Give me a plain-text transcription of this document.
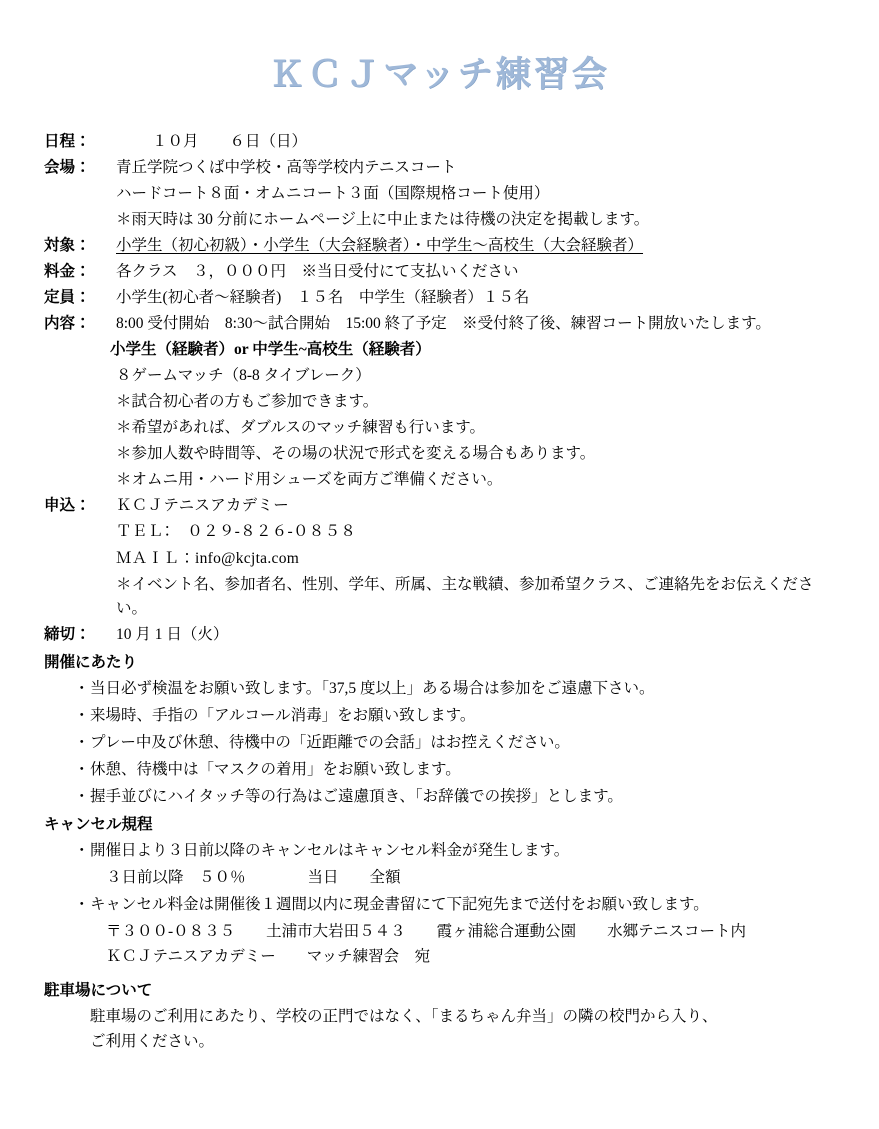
ＫＣＪマッチ練習会
日程：	１０月　　６日（日）
会場：	青丘学院つくば中学校・高等学校内テニスコート
ハードコート８面・オムニコート３面（国際規格コート使用）
＊雨天時は 30 分前にホームページ上に中止または待機の決定を掲載します。
対象：	小学生（初心初級）・小学生（大会経験者）・中学生～高校生（大会経験者）
料金：	各クラス　３，０００円　※当日受付にて支払いください
定員：	小学生(初心者～経験者)　１５名　中学生（経験者）１５名
内容：	8:00 受付開始　8:30～試合開始　15:00 終了予定　※受付終了後、練習コート開放いたします。
小学生（経験者）or 中学生~高校生（経験者）
８ゲームマッチ（8-8 タイブレーク）
＊試合初心者の方もご参加できます。
＊希望があれば、ダブルスのマッチ練習も行います。
＊参加人数や時間等、その場の状況で形式を変える場合もあります。
＊オムニ用・ハード用シューズを両方ご準備ください。
申込：	ＫＣＪテニスアカデミー
ＴＥＬ：　０２９‐８２６‐０８５８
ＭＡＩＬ：info@kcjta.com
＊イベント名、参加者名、性別、学年、所属、主な戦績、参加希望クラス、ご連絡先をお伝えください。
締切：	10 月 1 日（火）
開催にあたり
・ 当日必ず検温をお願い致します。「37,5 度以上」ある場合は参加をご遠慮下さい。
・ 来場時、手指の「アルコール消毒」をお願い致します。
・ プレー中及び休憩、待機中の「近距離での会話」はお控えください。
・ 休憩、待機中は「マスクの着用」をお願い致します。
・ 握手並びにハイタッチ等の行為はご遠慮頂き、「お辞儀での挨拶」とします。
キャンセル規程
・ 開催日より３日前以降のキャンセルはキャンセル料金が発生します。
３日前以降　５０％　　　　当日　　全額
・ キャンセル料金は開催後１週間以内に現金書留にて下記宛先まで送付をお願い致します。
〒３００‐０８３５　　土浦市大岩田５４３　　霞ヶ浦総合運動公園　　水郷テニスコート内
ＫＣＪテニスアカデミー　　マッチ練習会　宛
駐車場について
駐車場のご利用にあたり、学校の正門ではなく、「まるちゃん弁当」の隣の校門から入り、
ご利用ください。
